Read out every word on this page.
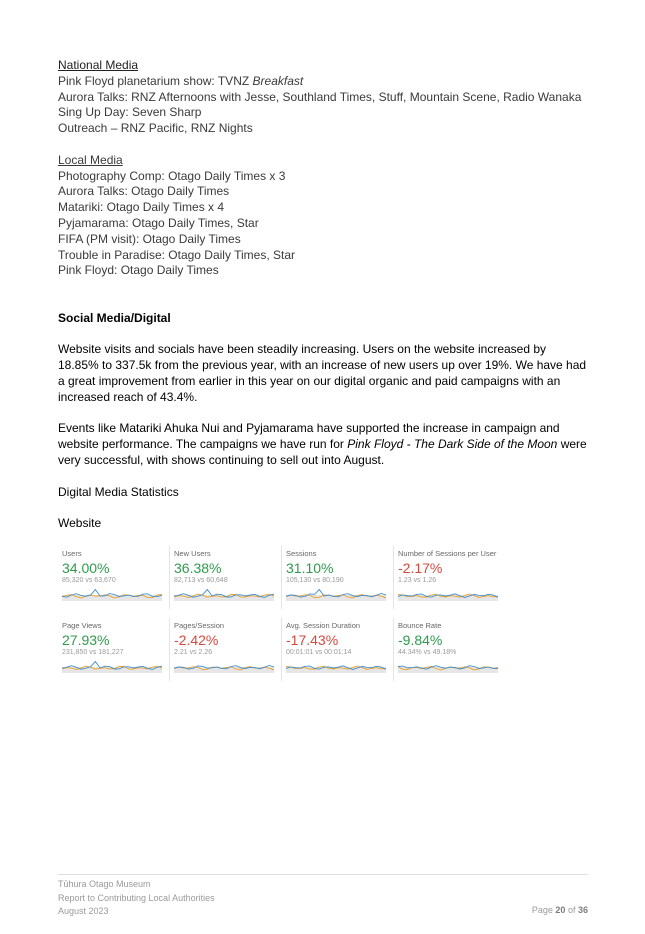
National Media

Pink Floyd planetarium show: TVNZ Breakfast

Aurora Talks: RNZ Afternoons with Jesse, Southland Times, Stuff, Mountain Scene, Radio Wanaka

Sing Up Day: Seven Sharp

Outreach – RNZ Pacific, RNZ Nights

Local Media

Photography Comp: Otago Daily Times x 3

Aurora Talks: Otago Daily Times

Matariki: Otago Daily Times x 4

Pyjamarama: Otago Daily Times, Star

FIFA (PM visit): Otago Daily Times

Trouble in Paradise: Otago Daily Times, Star

Pink Floyd: Otago Daily Times

Social Media/Digital

Website visits and socials have been steadily increasing. Users on the website increased by 18.85% to 337.5k from the previous year, with an increase of new users up over 19%. We have had a great improvement from earlier in this year on our digital organic and paid campaigns with an increased reach of 43.4%.

Events like Matariki Ahuka Nui and Pyjamarama have supported the increase in campaign and website performance. The campaigns we have run for Pink Floyd - The Dark Side of the Moon were very successful, with shows continuing to sell out into August.

Digital Media Statistics

Website

Users
34.00%
85,320 vs 63,670
New Users
36.38%
82,713 vs 60,648
Sessions
31.10%
105,130 vs 80,190
Number of Sessions per User
-2.17%
1.23 vs 1.26
Page Views
27.93%
231,850 vs 181,227
Pages/Session
-2.42%
2.21 vs 2.26
Avg. Session Duration
-17.43%
00:01:01 vs 00:01:14
Bounce Rate
-9.84%
44.34% vs 49.18%
Tūhura Otago Museum
Report to Contributing Local Authorities
August 2023	Page 20 of 36
